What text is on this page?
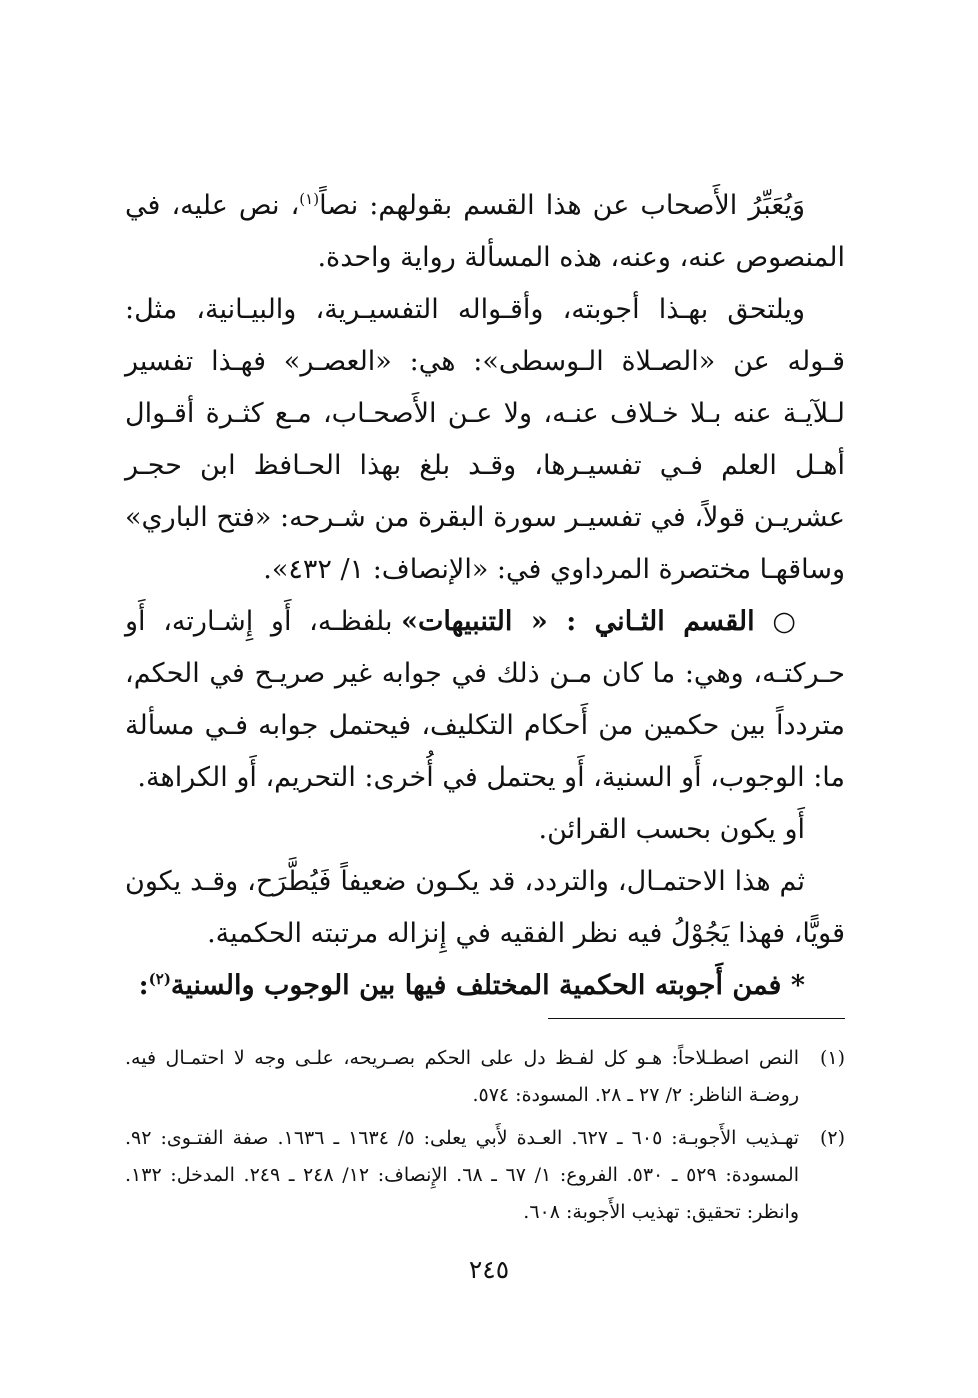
وَيُعَبِّرُ الأَصحاب عن هذا القسم بقولهم: نصاً$^{(١)}$، نص عليه، في المنصوص عنه، وعنه، هذه المسألة رواية واحدة.

ويلتحق بهـذا أجوبته، وأقـواله التفسيـرية، والبيـانية، مثل: قـوله عن «الصـلاة الـوسطى»: هي: «العصـر» فهـذا تفسير لـلآيـة عنه بـلا خـلاف عنـه، ولا عـن الأَصحـاب، مـع كثـرة أقـوال أهـل العلم فـي تفسيـرها، وقـد بلغ بهذا الحـافظ ابن حجـر عشريـن قولاً، في تفسيـر سورة البقرة من شـرحه: «فتح الباري» وساقهـا مختصرة المرداوي في: «الإنصاف: ١/ ٤٣٢».

○ القسم الثـاني : « التنبيهات» بلفظـه، أَو إِشـارته، أَو حـركتـه، وهي: ما كان مـن ذلك في جوابه غير صريـح في الحكم، متردداً بين حكمين من أَحكام التكليف، فيحتمل جوابه فـي مسألة ما: الوجوب، أَو السنية، أَو يحتمل في أُخرى: التحريم، أَو الكراهة.

أَو يكون بحسب القرائن.

ثم هذا الاحتمـال، والتردد، قد يكـون ضعيفاً فَيُطَّرَح، وقـد يكون قويًّا، فهذا يَجُوْلُ فيه نظر الفقيه في إِنزاله مرتبته الحكمية.

* فمن أَجوبته الحكمية المختلف فيها بين الوجوب والسنية$^{(٢)}$:

(١)
النص اصطـلاحاً: هـو كل لفـظ دل على الحكم بصـريحه، علـى وجه لا احتمـال فيه. روضـة الناظر: ٢/ ٢٧ ـ ٢٨. المسودة: ٥٧٤.
(٢)
تهـذيب الأَجوبـة: ٦٠٥ ـ ٦٢٧. العـدة لأَبي يعلى: ٥/ ١٦٣٤ ـ ١٦٣٦. صفة الفتـوى: ٩٢. المسودة: ٥٢٩ ـ ٥٣٠. الفروع: ١/ ٦٧ ـ ٦٨. الإِنصاف: ١٢/ ٢٤٨ ـ ٢٤٩. المدخل: ١٣٢. وانظر: تحقيق: تهذيب الأَجوبة: ٦٠٨.
٢٤٥
